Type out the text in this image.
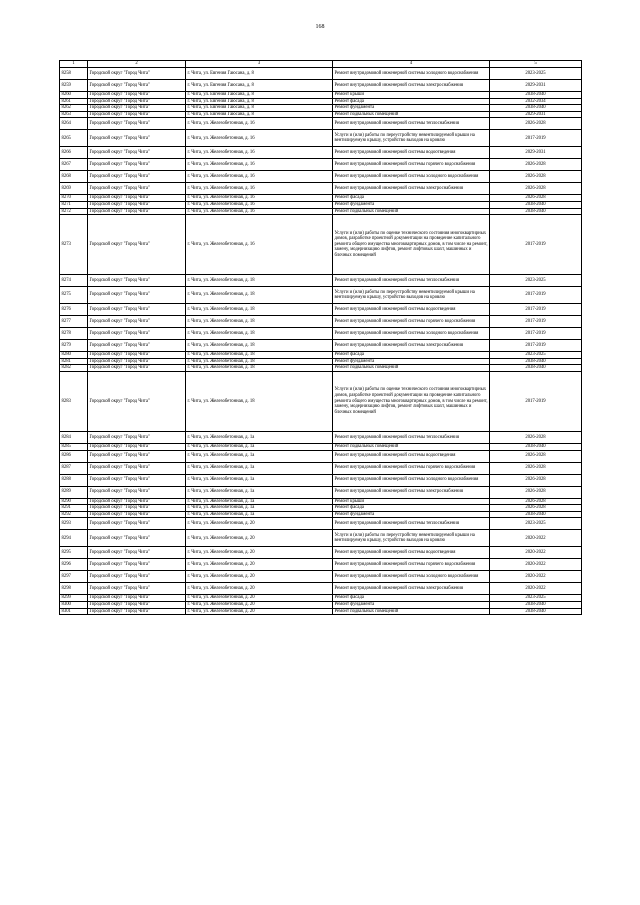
168
1	2	3	4	5
8258	Городской округ "Город Чита"	г. Чита, ул. Евгения Гаюсана, д. 8	Ремонт внутридомовой инженерной системы холодного водоснабжения	2023-2025
8259	Городской округ "Город Чита"	г. Чита, ул. Евгения Гаюсана, д. 8	Ремонт внутридомовой инженерной системы электроснабжения	2029-2031
8260	Городской округ "Город Чита"	г. Чита, ул. Евгения Гаюсана, д. 8	Ремонт крыши	2038-2040
8261	Городской округ "Город Чита"	г. Чита, ул. Евгения Гаюсана, д. 8	Ремонт фасада	2032-2034
8262	Городской округ "Город Чита"	г. Чита, ул. Евгения Гаюсана, д. 8	Ремонт фундамента	2038-2040
8263	Городской округ "Город Чита"	г. Чита, ул. Евгения Гаюсана, д. 8	Ремонт подвальных помещений	2029-2031
8264	Городской округ "Город Чита"	г. Чита, ул. Железобетонная, д. 16	Ремонт внутридомовой инженерной системы теплоснабжения	2026-2028
8265	Городской округ "Город Чита"	г. Чита, ул. Железобетонная, д. 16	Услуги и (или) работы по переустройству невентилируемой крыши на вентилируемую крышу, устройство выходов на кровлю	2017-2019
8266	Городской округ "Город Чита"	г. Чита, ул. Железобетонная, д. 16	Ремонт внутридомовой инженерной системы водоотведения	2029-2031
8267	Городской округ "Город Чита"	г. Чита, ул. Железобетонная, д. 16	Ремонт внутридомовой инженерной системы горячего водоснабжения	2026-2028
8268	Городской округ "Город Чита"	г. Чита, ул. Железобетонная, д. 16	Ремонт внутридомовой инженерной системы холодного водоснабжения	2026-2028
8269	Городской округ "Город Чита"	г. Чита, ул. Железобетонная, д. 16	Ремонт внутридомовой инженерной системы электроснабжения	2026-2028
8270	Городской округ "Город Чита"	г. Чита, ул. Железобетонная, д. 16	Ремонт фасада	2026-2028
8271	Городской округ "Город Чита"	г. Чита, ул. Железобетонная, д. 16	Ремонт фундамента	2038-2040
8272	Городской округ "Город Чита"	г. Чита, ул. Железобетонная, д. 16	Ремонт подвальных помещений	2038-2040
8273	Городской округ "Город Чита"	г. Чита, ул. Железобетонная, д. 16	Услуги и (или) работы по оценке технического состояния многоквартирных домов, разработке проектной документации на проведение капитального ремонта общего имущества многоквартирных домов, в том числе на ремонт, замену, модернизацию лифтов, ремонт лифтовых шахт, машинных и блочных помещений	2017-2019
8274	Городской округ "Город Чита"	г. Чита, ул. Железобетонная, д. 18	Ремонт внутридомовой инженерной системы теплоснабжения	2023-2025
8275	Городской округ "Город Чита"	г. Чита, ул. Железобетонная, д. 18	Услуги и (или) работы по переустройству невентилируемой крыши на вентилируемую крышу, устройство выходов на кровлю	2017-2019
8276	Городской округ "Город Чита"	г. Чита, ул. Железобетонная, д. 18	Ремонт внутридомовой инженерной системы водоотведения	2017-2019
8277	Городской округ "Город Чита"	г. Чита, ул. Железобетонная, д. 18	Ремонт внутридомовой инженерной системы горячего водоснабжения	2017-2019
8278	Городской округ "Город Чита"	г. Чита, ул. Железобетонная, д. 18	Ремонт внутридомовой инженерной системы холодного водоснабжения	2017-2019
8279	Городской округ "Город Чита"	г. Чита, ул. Железобетонная, д. 18	Ремонт внутридомовой инженерной системы электроснабжения	2017-2019
8280	Городской округ "Город Чита"	г. Чита, ул. Железобетонная, д. 18	Ремонт фасада	2023-2025
8281	Городской округ "Город Чита"	г. Чита, ул. Железобетонная, д. 18	Ремонт фундамента	2038-2040
8282	Городской округ "Город Чита"	г. Чита, ул. Железобетонная, д. 18	Ремонт подвальных помещений	2038-2040
8283	Городской округ "Город Чита"	г. Чита, ул. Железобетонная, д. 18	Услуги и (или) работы по оценке технического состояния многоквартирных домов, разработке проектной документации на проведение капитального ремонта общего имущества многоквартирных домов, в том числе на ремонт, замену, модернизацию лифтов, ремонт лифтовых шахт, машинных и блочных помещений	2017-2019
8284	Городской округ "Город Чита"	г. Чита, ул. Железобетонная, д. 1а	Ремонт внутридомовой инженерной системы теплоснабжения	2026-2028
8285	Городской округ "Город Чита"	г. Чита, ул. Железобетонная, д. 1а	Ремонт подвальных помещений	2038-2040
8286	Городской округ "Город Чита"	г. Чита, ул. Железобетонная, д. 1а	Ремонт внутридомовой инженерной системы водоотведения	2026-2028
8287	Городской округ "Город Чита"	г. Чита, ул. Железобетонная, д. 1а	Ремонт внутридомовой инженерной системы горячего водоснабжения	2026-2028
8288	Городской округ "Город Чита"	г. Чита, ул. Железобетонная, д. 1а	Ремонт внутридомовой инженерной системы холодного водоснабжения	2026-2028
8289	Городской округ "Город Чита"	г. Чита, ул. Железобетонная, д. 1а	Ремонт внутридомовой инженерной системы электроснабжения	2026-2028
8290	Городской округ "Город Чита"	г. Чита, ул. Железобетонная, д. 1а	Ремонт крыши	2026-2028
8291	Городской округ "Город Чита"	г. Чита, ул. Железобетонная, д. 1а	Ремонт фасада	2026-2028
8292	Городской округ "Город Чита"	г. Чита, ул. Железобетонная, д. 1а	Ремонт фундамента	2038-2040
8293	Городской округ "Город Чита"	г. Чита, ул. Железобетонная, д. 20	Ремонт внутридомовой инженерной системы теплоснабжения	2023-2025
8294	Городской округ "Город Чита"	г. Чита, ул. Железобетонная, д. 20	Услуги и (или) работы по переустройству невентилируемой крыши на вентилируемую крышу, устройство выходов на кровлю	2020-2022
8295	Городской округ "Город Чита"	г. Чита, ул. Железобетонная, д. 20	Ремонт внутридомовой инженерной системы водоотведения	2020-2022
8296	Городской округ "Город Чита"	г. Чита, ул. Железобетонная, д. 20	Ремонт внутридомовой инженерной системы горячего водоснабжения	2020-2022
8297	Городской округ "Город Чита"	г. Чита, ул. Железобетонная, д. 20	Ремонт внутридомовой инженерной системы холодного водоснабжения	2020-2022
8298	Городской округ "Город Чита"	г. Чита, ул. Железобетонная, д. 20	Ремонт внутридомовой инженерной системы электроснабжения	2020-2022
8299	Городской округ "Город Чита"	г. Чита, ул. Железобетонная, д. 20	Ремонт фасада	2023-2025
8300	Городской округ "Город Чита"	г. Чита, ул. Железобетонная, д. 20	Ремонт фундамента	2038-2040
8301	Городской округ "Город Чита"	г. Чита, ул. Железобетонная, д. 20	Ремонт подвальных помещений	2038-2040
